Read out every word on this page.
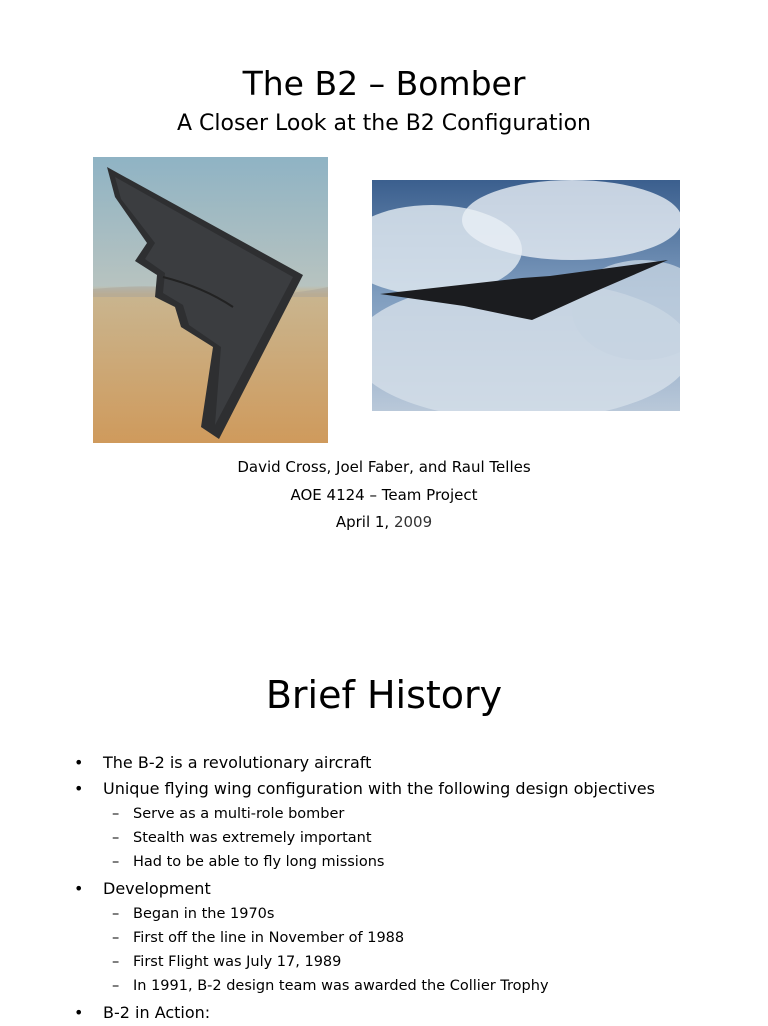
The B2 – Bomber
A Closer Look at the B2 Configuration
David Cross, Joel Faber, and Raul Telles
AOE 4124 – Team Project
April 1, 2009
Brief History
• The B-2 is a revolutionary aircraft
• Unique flying wing configuration with the following design objectives
– Serve as a multi-role bomber
– Stealth was extremely important
– Had to be able to fly long missions
• Development
– Began in the 1970s
– First off the line in November of 1988
– First Flight was July 17, 1989
– In 1991, B-2 design team was awarded the Collier Trophy
• B-2 in Action:
